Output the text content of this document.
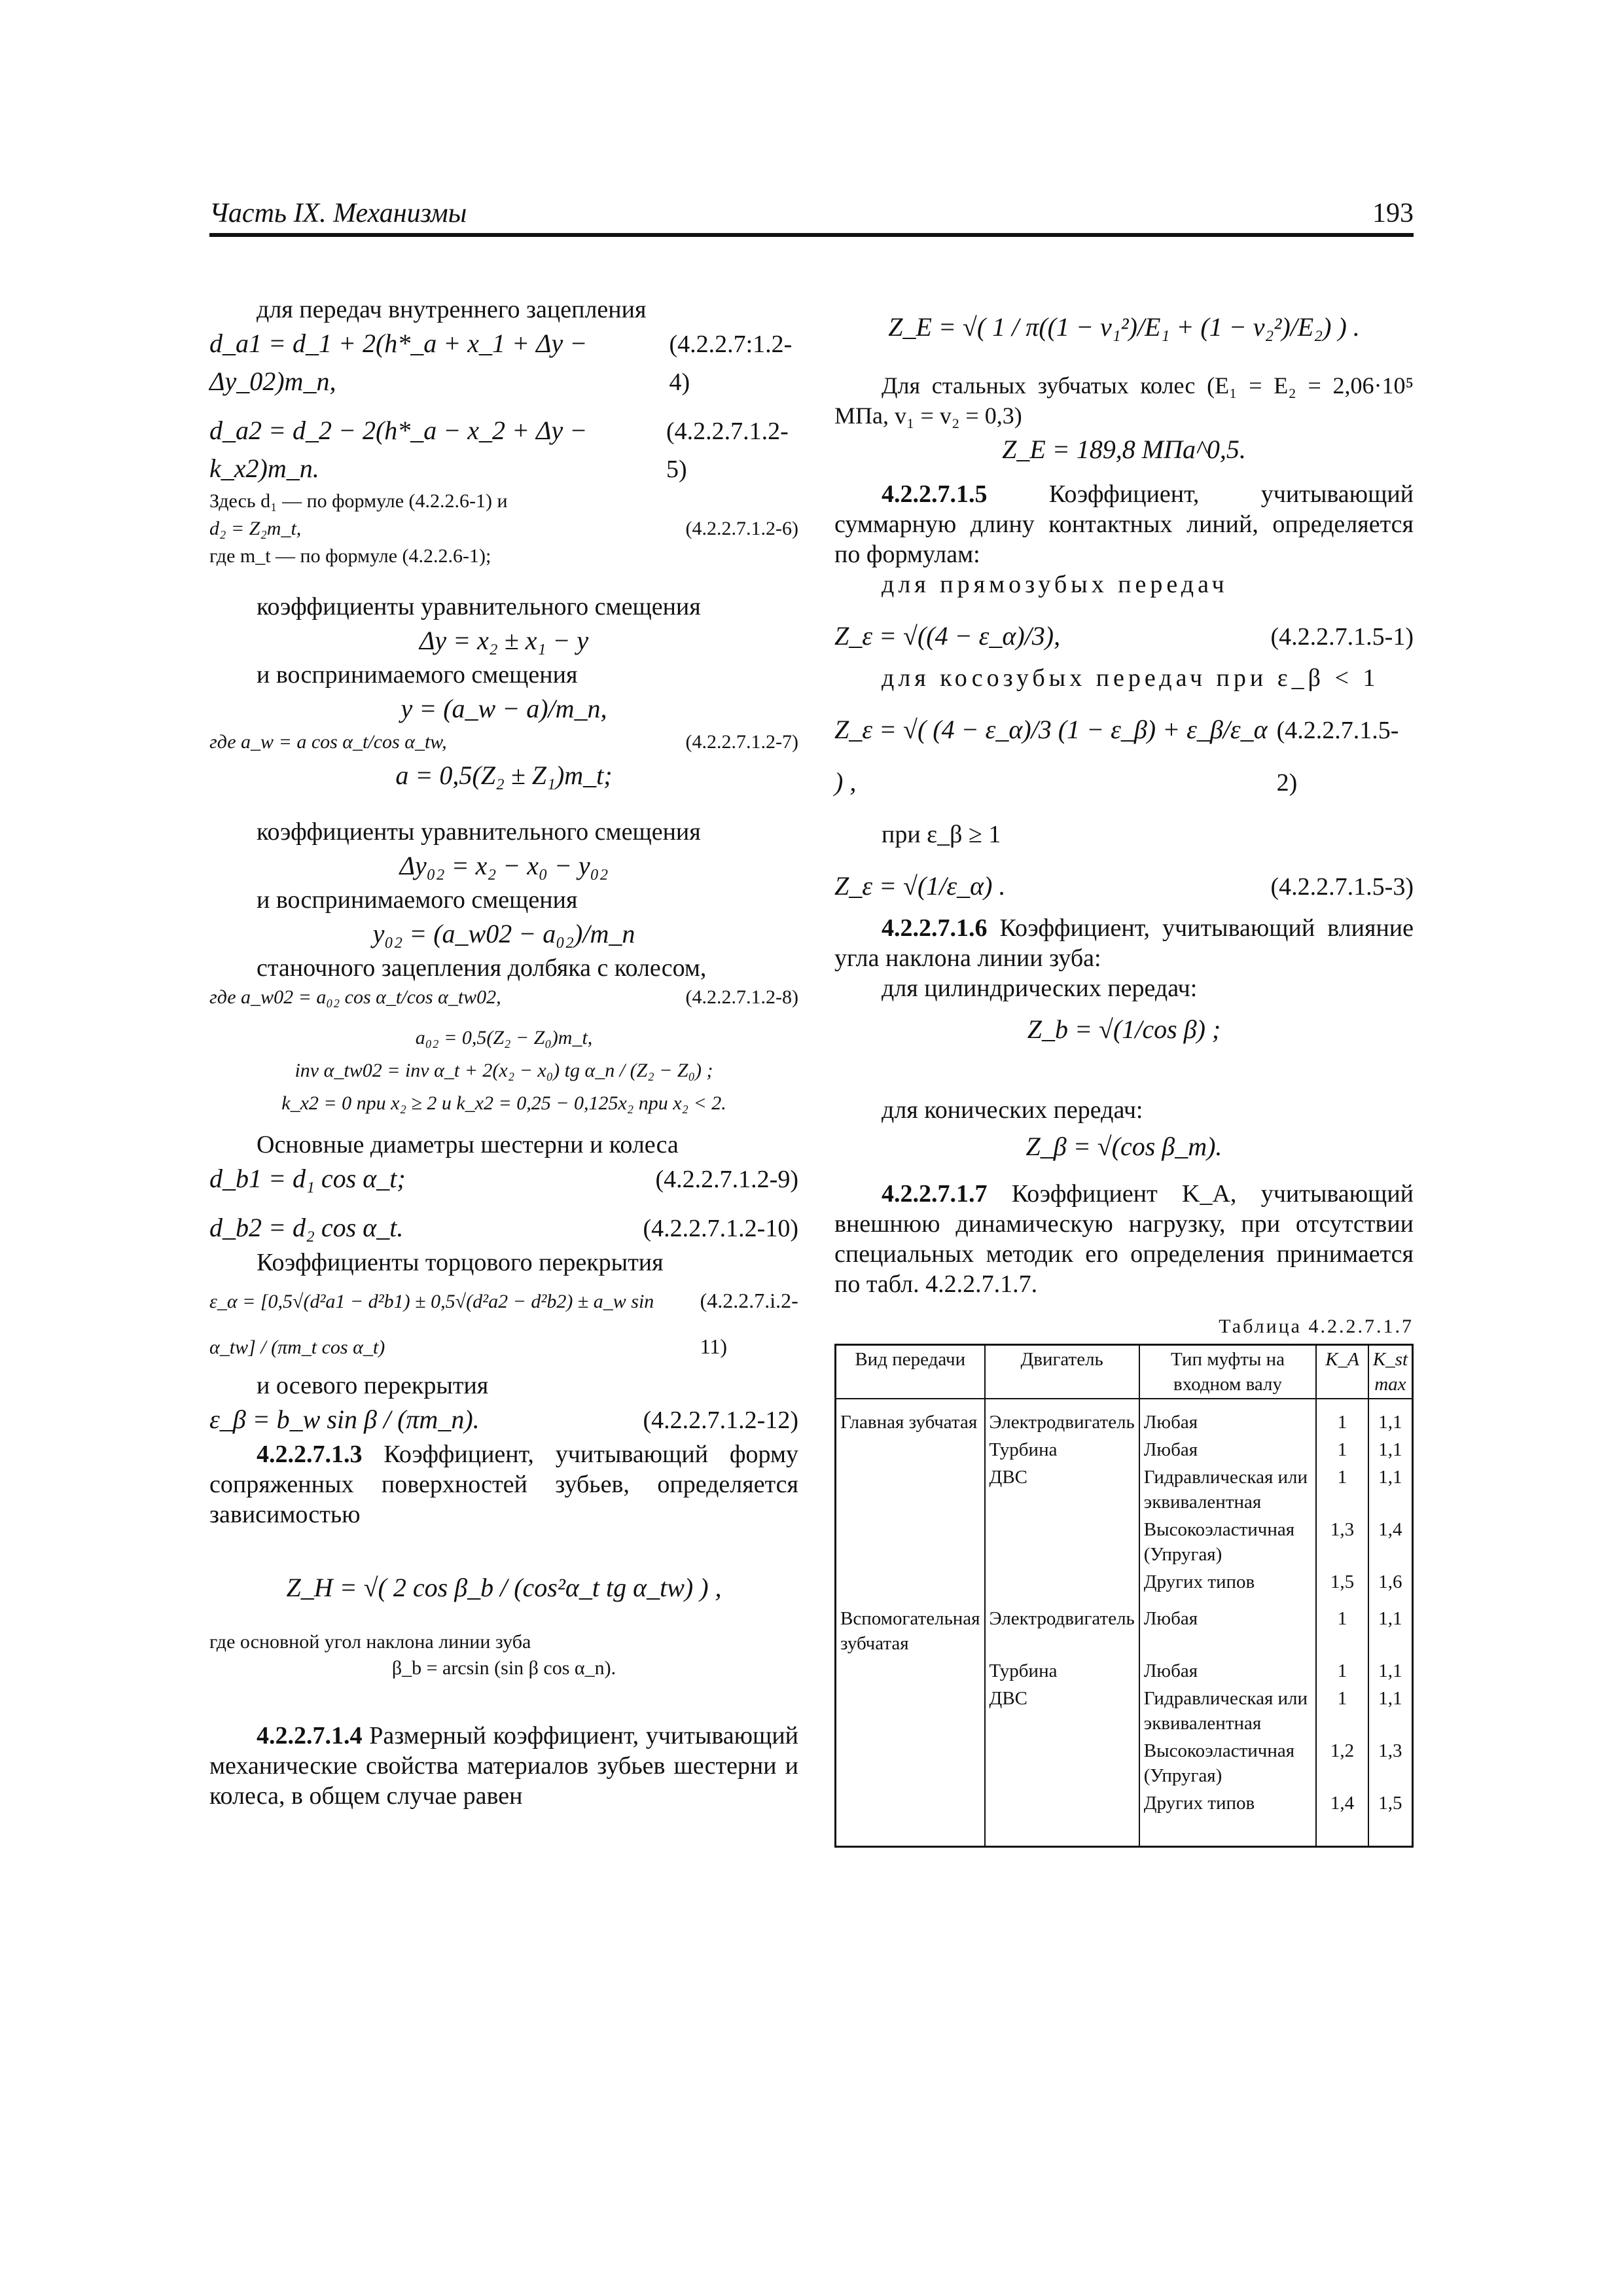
Часть IX. Механизмы	193
для передач внутреннего зацепления
d_a1 = d_1 + 2(h*_a + x_1 + Δy − Δy_02)m_n,
(4.2.2.7:1.2-4)
d_a2 = d_2 − 2(h*_a − x_2 + Δy − k_x2)m_n.
(4.2.2.7.1.2-5)
Здесь d₁ — по формуле (4.2.2.6-1) и
d₂ = Z₂m_t,	(4.2.2.7.1.2-6)
где m_t — по формуле (4.2.2.6-1);
коэффициенты уравнительного смещения
Δy = x₂ ± x₁ − y
и воспринимаемого смещения
y = (a_w − a)/m_n,
где a_w = a cos α_t/cos α_tw,	(4.2.2.7.1.2-7)
a = 0,5(Z₂ ± Z₁)m_t;
коэффициенты уравнительного смещения
Δy₀₂ = x₂ − x₀ − y₀₂
и воспринимаемого смещения
y₀₂ = (a_w02 − a₀₂)/m_n
станочного зацепления долбяка с колесом,
где a_w02 = a₀₂ cos α_t/cos α_tw02,	(4.2.2.7.1.2-8)
a₀₂ = 0,5(Z₂ − Z₀)m_t,
inv α_tw02 = inv α_t + 2(x₂ − x₀) tg α_n / (Z₂ − Z₀) ;
k_x2 = 0 при x₂ ≥ 2 и k_x2 = 0,25 − 0,125x₂ при x₂ < 2.
Основные диаметры шестерни и колеса
d_b1 = d₁ cos α_t;	(4.2.2.7.1.2-9)
d_b2 = d₂ cos α_t.	(4.2.2.7.1.2-10)
Коэффициенты торцового перекрытия
ε_α = [0,5√(d²a1 − d²b1) ± 0,5√(d²a2 − d²b2) ± a_w sin α_tw] / (πm_t cos α_t)
(4.2.2.7.i.2-11)
и осевого перекрытия
ε_β = b_w sin β / (πm_n).	(4.2.2.7.1.2-12)
4.2.2.7.1.3 Коэффициент, учитывающий форму сопряженных поверхностей зубьев, определяется зависимостью
Z_H = √( 2 cos β_b / (cos²α_t tg α_tw) ) ,
где основной угол наклона линии зуба
β_b = arcsin (sin β cos α_n).
4.2.2.7.1.4 Размерный коэффициент, учитывающий механические свойства материалов зубьев шестерни и колеса, в общем случае равен
Z_E = √( 1 / π((1 − v₁²)/E₁ + (1 − v₂²)/E₂) ) .
Для стальных зубчатых колес (E₁ = E₂ = 2,06·10⁵ МПа, v₁ = v₂ = 0,3)
Z_E = 189,8 МПа^0,5.
4.2.2.7.1.5 Коэффициент, учитывающий суммарную длину контактных линий, определяется по формулам:
для прямозубых передач
Z_ε = √((4 − ε_α)/3),	(4.2.2.7.1.5-1)
для косозубых передач при ε_β < 1
Z_ε = √( (4 − ε_α)/3 (1 − ε_β) + ε_β/ε_α ) ,
(4.2.2.7.1.5-2)
при ε_β ≥ 1
Z_ε = √(1/ε_α) .	(4.2.2.7.1.5-3)
4.2.2.7.1.6 Коэффициент, учитывающий влияние угла наклона линии зуба:
для цилиндрических передач:
Z_b = √(1/cos β) ;
для конических передач:
Z_β = √(cos β_m).
4.2.2.7.1.7 Коэффициент K_A, учитывающий внешнюю динамическую нагрузку, при отсутствии специальных методик его определения принимается по табл. 4.2.2.7.1.7.
Таблица 4.2.2.7.1.7
Вид передачи	Двигатель	Тип муфты на входном валу	K_A	K_st max
Главная зубчатая	Электродвигатель	Любая	1	1,1
	Турбина	Любая	1	1,1
	ДВС	Гидравлическая или эквивалентная	1	1,1
		Высокоэластичная (Упругая)	1,3	1,4
		Других типов	1,5	1,6
Вспомогательная зубчатая	Электродвигатель	Любая	1	1,1
	Турбина	Любая	1	1,1
	ДВС	Гидравлическая или эквивалентная	1	1,1
		Высокоэластичная (Упругая)	1,2	1,3
		Других типов	1,4	1,5
